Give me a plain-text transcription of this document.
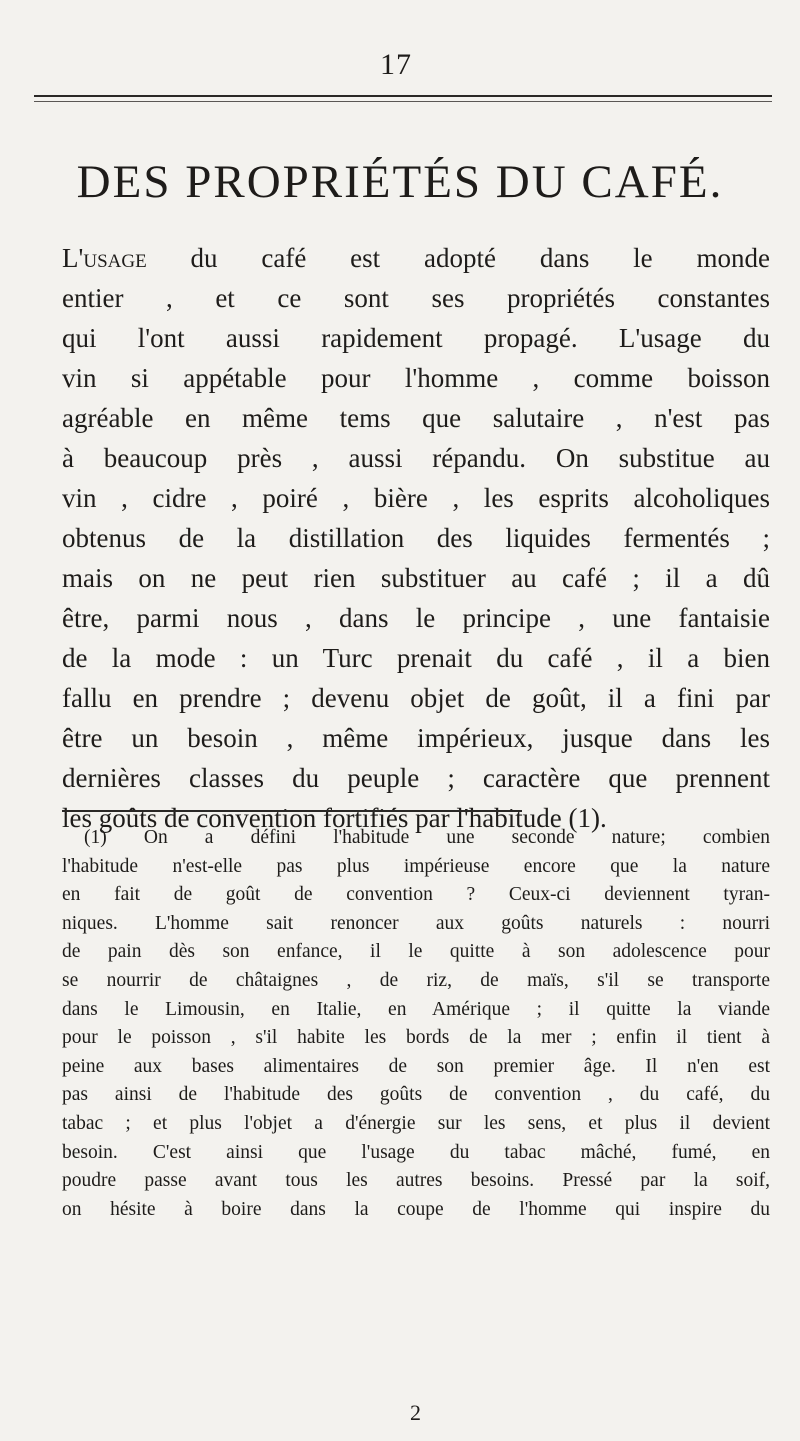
17
DES PROPRIÉTÉS DU CAFÉ.
L'usage du café est adopté dans le monde
entier , et ce sont ses propriétés constantes
qui l'ont aussi rapidement propagé. L'usage du
vin si appétable pour l'homme , comme boisson
agréable en même tems que salutaire , n'est pas
à beaucoup près , aussi répandu. On substitue au
vin , cidre , poiré , bière , les esprits alcoholiques
obtenus de la distillation des liquides fermentés ;
mais on ne peut rien substituer au café ; il a dû
être, parmi nous , dans le principe , une fantaisie
de la mode : un Turc prenait du café , il a bien
fallu en prendre ; devenu objet de goût, il a fini par
être un besoin , même impérieux, jusque dans les
dernières classes du peuple ; caractère que prennent
les goûts de convention fortifiés par l'habitude (1).
(1) On a défini l'habitude une seconde nature; combien
l'habitude n'est-elle pas plus impérieuse encore que la nature
en fait de goût de convention ? Ceux-ci deviennent tyran-
niques. L'homme sait renoncer aux goûts naturels : nourri
de pain dès son enfance, il le quitte à son adolescence pour
se nourrir de châtaignes , de riz, de maïs, s'il se transporte
dans le Limousin, en Italie, en Amérique ; il quitte la viande
pour le poisson , s'il habite les bords de la mer ; enfin il tient à
peine aux bases alimentaires de son premier âge. Il n'en est
pas ainsi de l'habitude des goûts de convention , du café, du
tabac ; et plus l'objet a d'énergie sur les sens, et plus il devient
besoin. C'est ainsi que l'usage du tabac mâché, fumé, en
poudre passe avant tous les autres besoins. Pressé par la soif,
on hésite à boire dans la coupe de l'homme qui inspire du
2
